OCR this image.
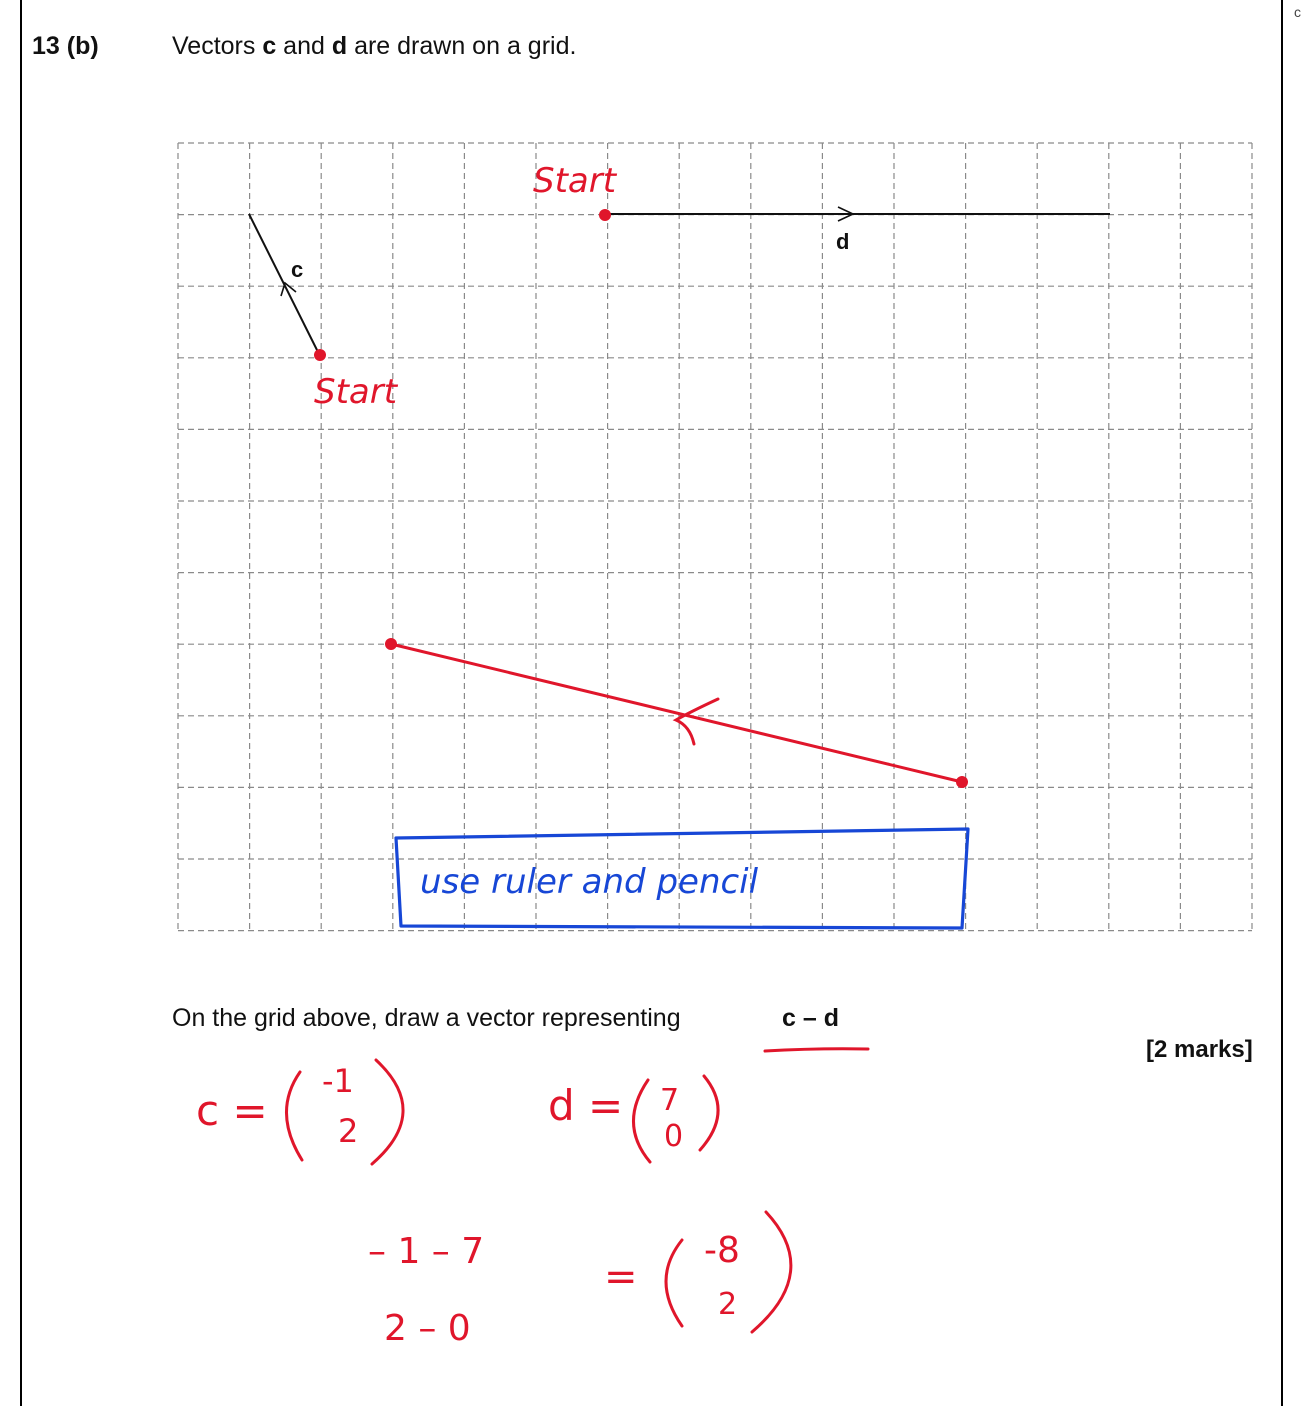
c
13 (b)	Vectors c and d are drawn on a grid.
c
d
Start
Start
use ruler and pencil
c =
-1
2
d = 7
0
– 1 – 7
2 – 0
=
-8
2
On the grid above, draw a vector representing	c – d
[2 marks]
